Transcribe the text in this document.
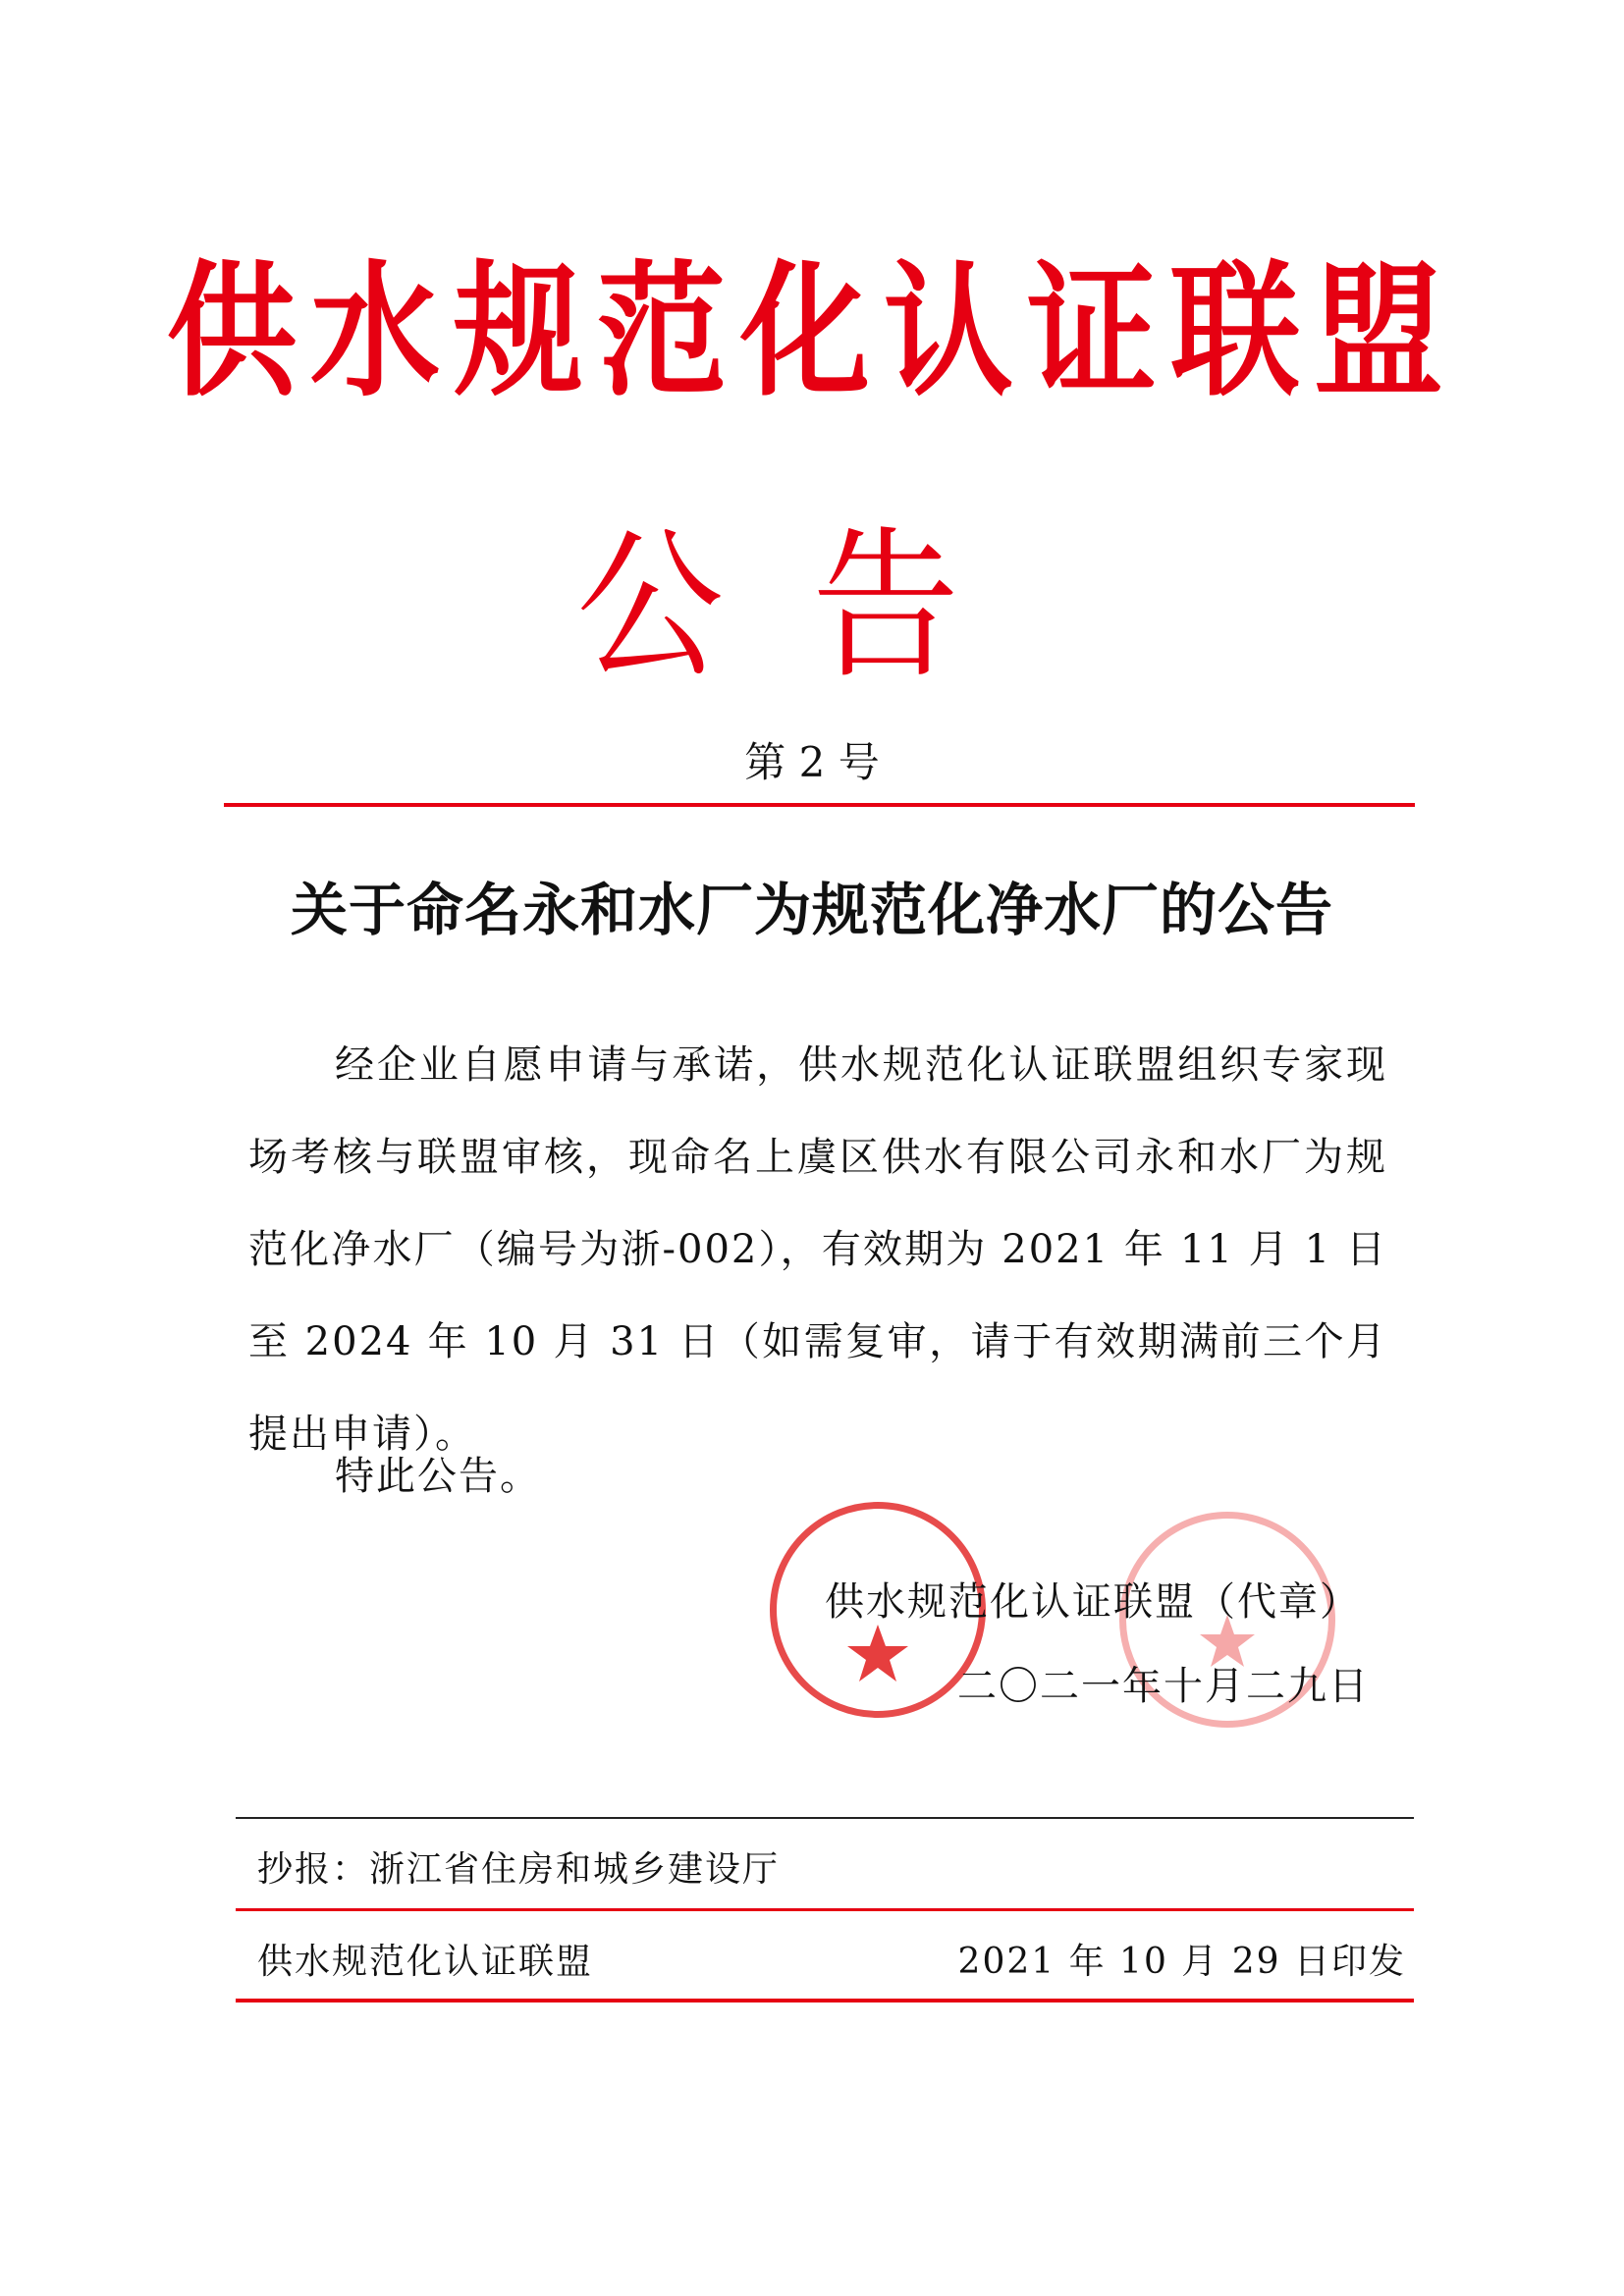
供水规范化认证联盟
公告
第 2 号
关于命名永和水厂为规范化净水厂的公告

经企业自愿申请与承诺，供水规范化认证联盟组织专家现场考核与联盟审核，现命名上虞区供水有限公司永和水厂为规范化净水厂（编号为浙-002），有效期为 2021 年 11 月 1 日至 2024 年 10 月 31 日（如需复审，请于有效期满前三个月提出申请）。

特此公告。
供水规范化认证联盟（代章）
二〇二一年十月二九日
抄报：浙江省住房和城乡建设厅
供水规范化认证联盟	2021 年 10 月 29 日印发
